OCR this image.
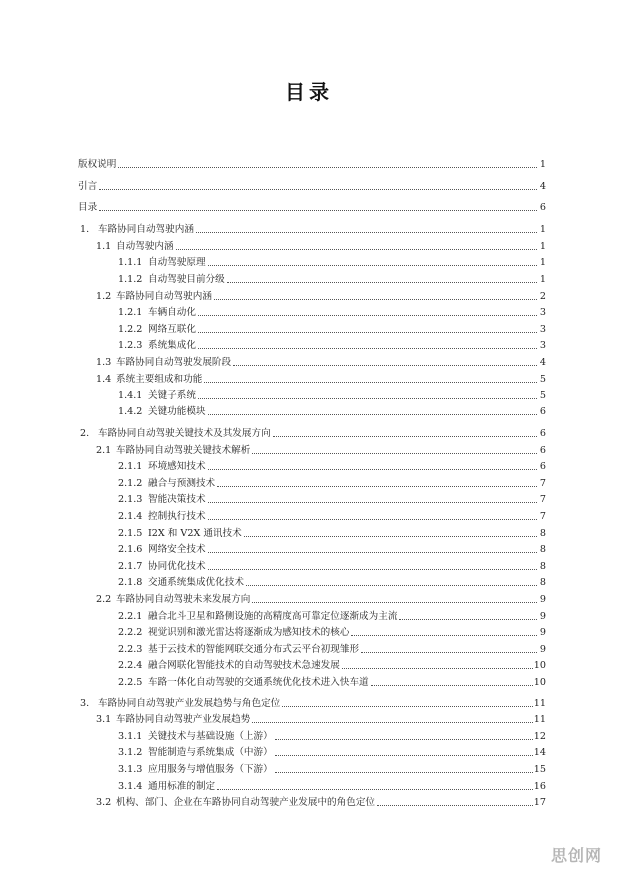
目录
版权说明	1
引言	4
目录	6
1. 车路协同自动驾驶内涵	1
1.1 自动驾驶内涵	1
1.1.1 自动驾驶原理	1
1.1.2 自动驾驶目前分级	1
1.2 车路协同自动驾驶内涵	2
1.2.1 车辆自动化	3
1.2.2 网络互联化	3
1.2.3 系统集成化	3
1.3 车路协同自动驾驶发展阶段	4
1.4 系统主要组成和功能	5
1.4.1 关键子系统	5
1.4.2 关键功能模块	6
2. 车路协同自动驾驶关键技术及其发展方向	6
2.1 车路协同自动驾驶关键技术解析	6
2.1.1 环境感知技术	6
2.1.2 融合与预测技术	7
2.1.3 智能决策技术	7
2.1.4 控制执行技术	7
2.1.5 I2X 和 V2X 通讯技术	8
2.1.6 网络安全技术	8
2.1.7 协同优化技术	8
2.1.8 交通系统集成优化技术	8
2.2 车路协同自动驾驶未来发展方向	9
2.2.1 融合北斗卫星和路侧设施的高精度高可靠定位逐渐成为主流	9
2.2.2 视觉识别和激光雷达将逐渐成为感知技术的核心	9
2.2.3 基于云技术的智能网联交通分布式云平台初现雏形	9
2.2.4 融合网联化智能技术的自动驾驶技术急速发展	10
2.2.5 车路一体化自动驾驶的交通系统优化技术进入快车道	10
3. 车路协同自动驾驶产业发展趋势与角色定位	11
3.1 车路协同自动驾驶产业发展趋势	11
3.1.1 关键技术与基础设施（上游）	12
3.1.2 智能制造与系统集成（中游）	14
3.1.3 应用服务与增值服务（下游）	15
3.1.4 通用标准的制定	16
3.2 机构、部门、企业在车路协同自动驾驶产业发展中的角色定位	17
思创网
